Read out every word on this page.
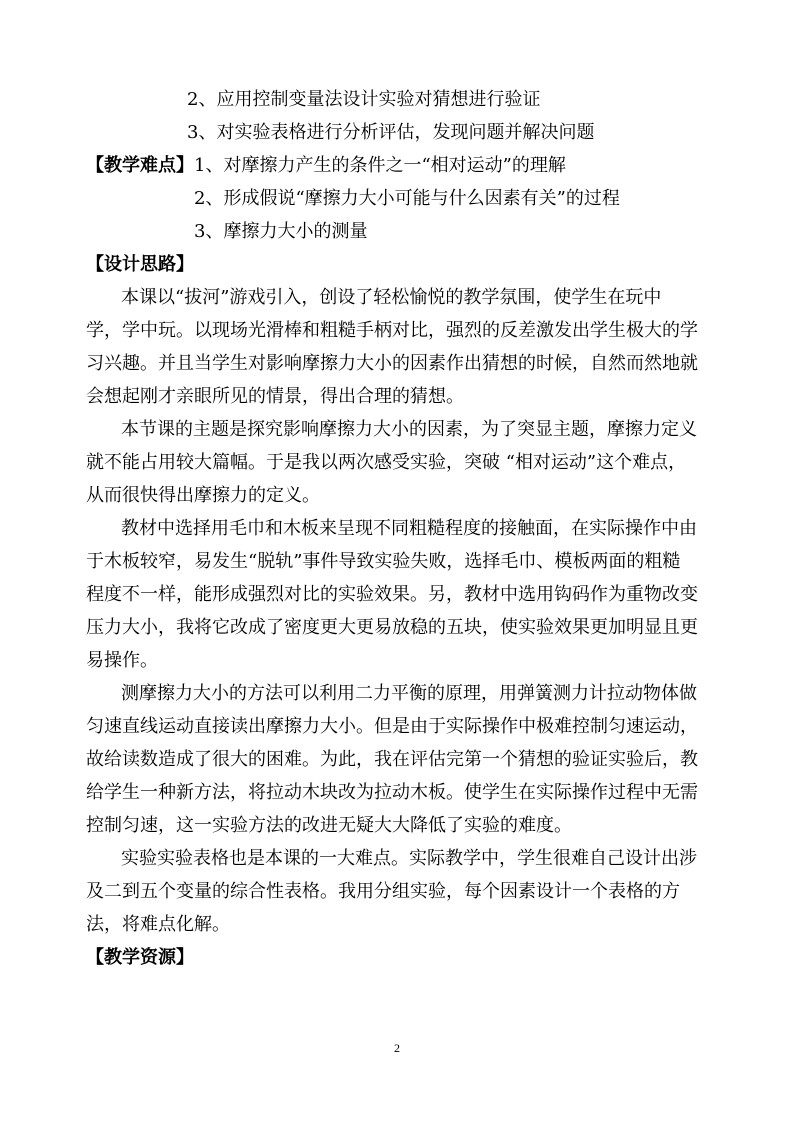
2、应用控制变量法设计实验对猜想进行验证
3、对实验表格进行分析评估，发现问题并解决问题
【教学难点】 1、对摩擦力产生的条件之一“相对运动”的理解
2、形成假说“摩擦力大小可能与什么因素有关”的过程
3、摩擦力大小的测量
【设计思路】
本课以“拔河”游戏引入，创设了轻松愉悦的教学氛围，使学生在玩中
学，学中玩。以现场光滑棒和粗糙手柄对比，强烈的反差激发出学生极大的学
习兴趣。并且当学生对影响摩擦力大小的因素作出猜想的时候，自然而然地就
会想起刚才亲眼所见的情景，得出合理的猜想。
本节课的主题是探究影响摩擦力大小的因素，为了突显主题，摩擦力定义
就不能占用较大篇幅。于是我以两次感受实验，突破 “相对运动”这个难点，
从而很快得出摩擦力的定义。
教材中选择用毛巾和木板来呈现不同粗糙程度的接触面，在实际操作中由
于木板较窄，易发生“脱轨”事件导致实验失败，选择毛巾、模板两面的粗糙
程度不一样，能形成强烈对比的实验效果。另，教材中选用钩码作为重物改变
压力大小，我将它改成了密度更大更易放稳的五块，使实验效果更加明显且更
易操作。
测摩擦力大小的方法可以利用二力平衡的原理，用弹簧测力计拉动物体做
匀速直线运动直接读出摩擦力大小。但是由于实际操作中极难控制匀速运动，
故给读数造成了很大的困难。为此，我在评估完第一个猜想的验证实验后，教
给学生一种新方法，将拉动木块改为拉动木板。使学生在实际操作过程中无需
控制匀速，这一实验方法的改进无疑大大降低了实验的难度。
实验实验表格也是本课的一大难点。实际教学中，学生很难自己设计出涉
及二到五个变量的综合性表格。我用分组实验，每个因素设计一个表格的方
法，将难点化解。
【教学资源】
2
